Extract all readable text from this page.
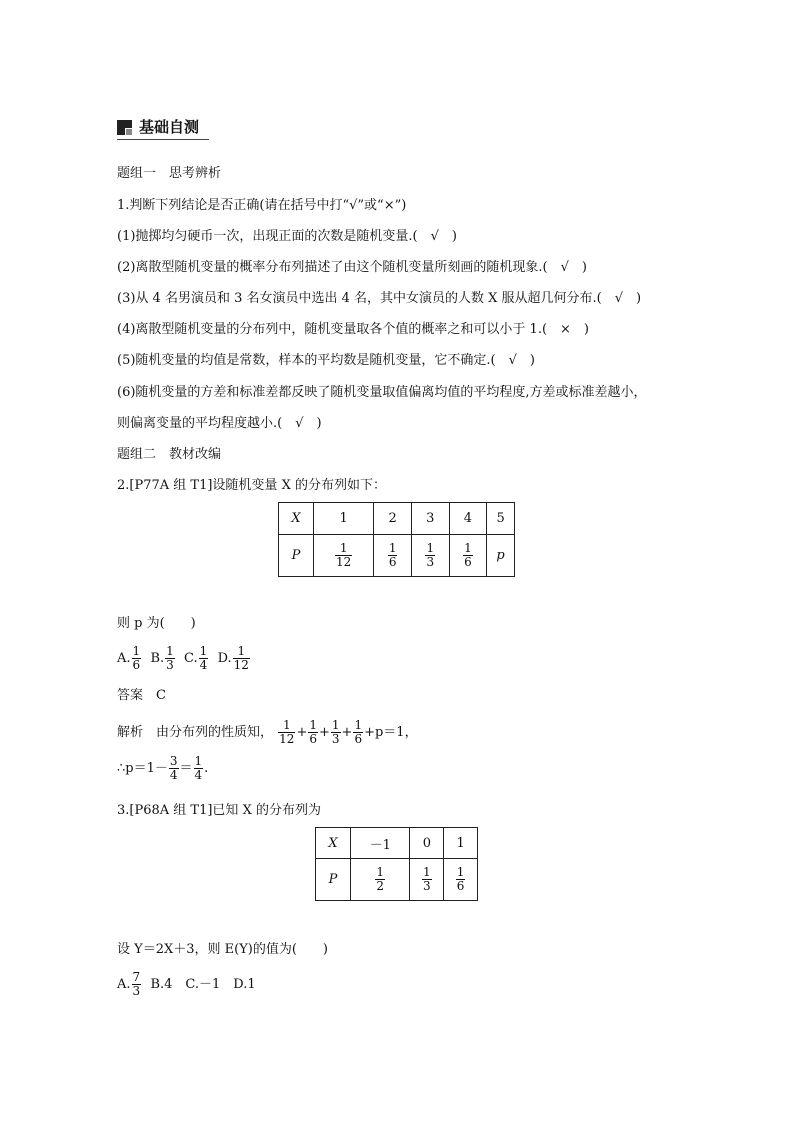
基础自测
题组一　思考辨析
1.判断下列结论是否正确(请在括号中打“√”或“×”)
(1)抛掷均匀硬币一次，出现正面的次数是随机变量.(　√　)
(2)离散型随机变量的概率分布列描述了由这个随机变量所刻画的随机现象.(　√　)
(3)从 4 名男演员和 3 名女演员中选出 4 名，其中女演员的人数 X 服从超几何分布.(　√　)
(4)离散型随机变量的分布列中，随机变量取各个值的概率之和可以小于 1.(　×　)
(5)随机变量的均值是常数，样本的平均数是随机变量，它不确定.(　√　)
(6)随机变量的方差和标准差都反映了随机变量取值偏离均值的平均程度,方差或标准差越小，
则偏离变量的平均程度越小.(　√　)
题组二　教材改编
2.[P77A 组 T1]设随机变量 X 的分布列如下：
X	1	2	3	4	5
P	$\frac{1}{12}$	$\frac{1}{6}$	$\frac{1}{3}$	$\frac{1}{6}$	p
则 p 为(　　)
A. $\frac{1}{6} B$. $\frac{1}{3} C$. $\frac{1}{4} D$. $\frac{1}{12}$
答案　C
解析　由分布列的性质知， $\frac{1}{12} + \frac{1}{6} + \frac{1}{3} + \frac{1}{6} +p=1$，
∴p＝1－ $\frac{3}{4} = \frac{1}{4}$ .
3.[P68A 组 T1]已知 X 的分布列为
X	－1	0	1
P	$\frac{1}{2}$	$\frac{1}{3}$	$\frac{1}{6}$
设 Y＝2X＋3，则 E(Y)的值为(　　)
A. $\frac{7}{3} B.4$　C.－1　D.1
